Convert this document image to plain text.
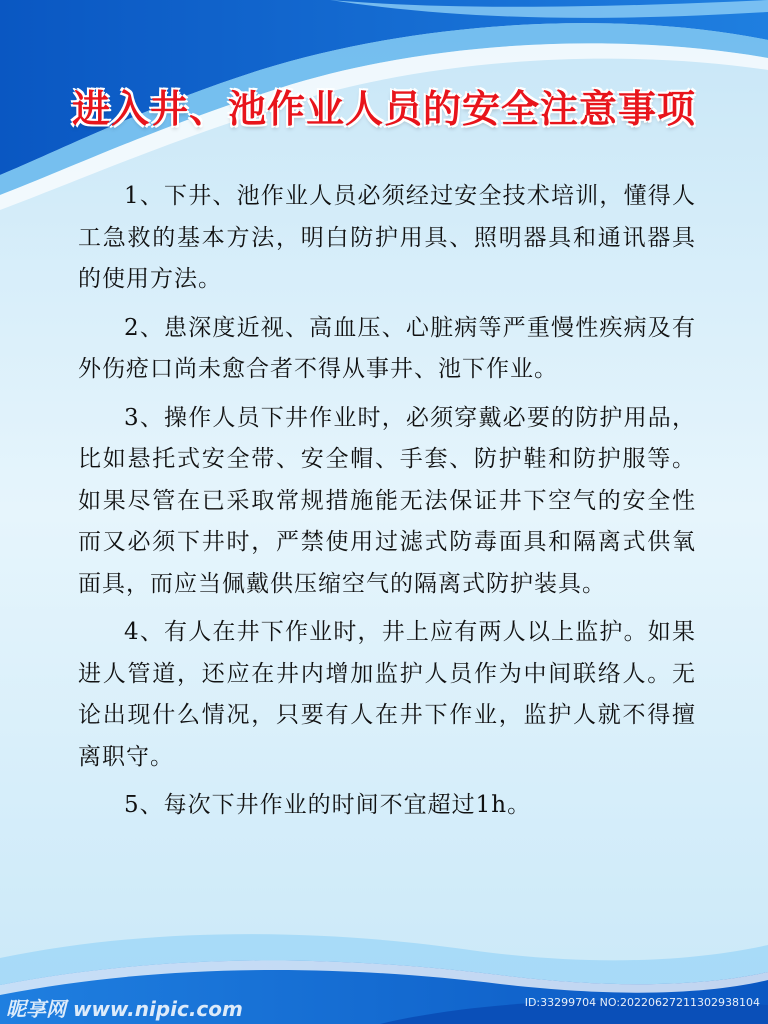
进入井、池作业人员的安全注意事项

1、下井、池作业人员必须经过安全技术培训，懂得人工急救的基本方法，明白防护用具、照明器具和通讯器具的使用方法。

2、患深度近视、高血压、心脏病等严重慢性疾病及有外伤疮口尚未愈合者不得从事井、池下作业。

3、操作人员下井作业时，必须穿戴必要的防护用品，比如悬托式安全带、安全帽、手套、防护鞋和防护服等。如果尽管在已采取常规措施能无法保证井下空气的安全性而又必须下井时，严禁使用过滤式防毒面具和隔离式供氧面具，而应当佩戴供压缩空气的隔离式防护装具。

4、有人在井下作业时，井上应有两人以上监护。如果进人管道，还应在井内增加监护人员作为中间联络人。无论出现什么情况，只要有人在井下作业，监护人就不得擅离职守。

5、每次下井作业的时间不宜超过1h。

昵享网 www.nipic.com	ID:33299704 NO:20220627211302938104
